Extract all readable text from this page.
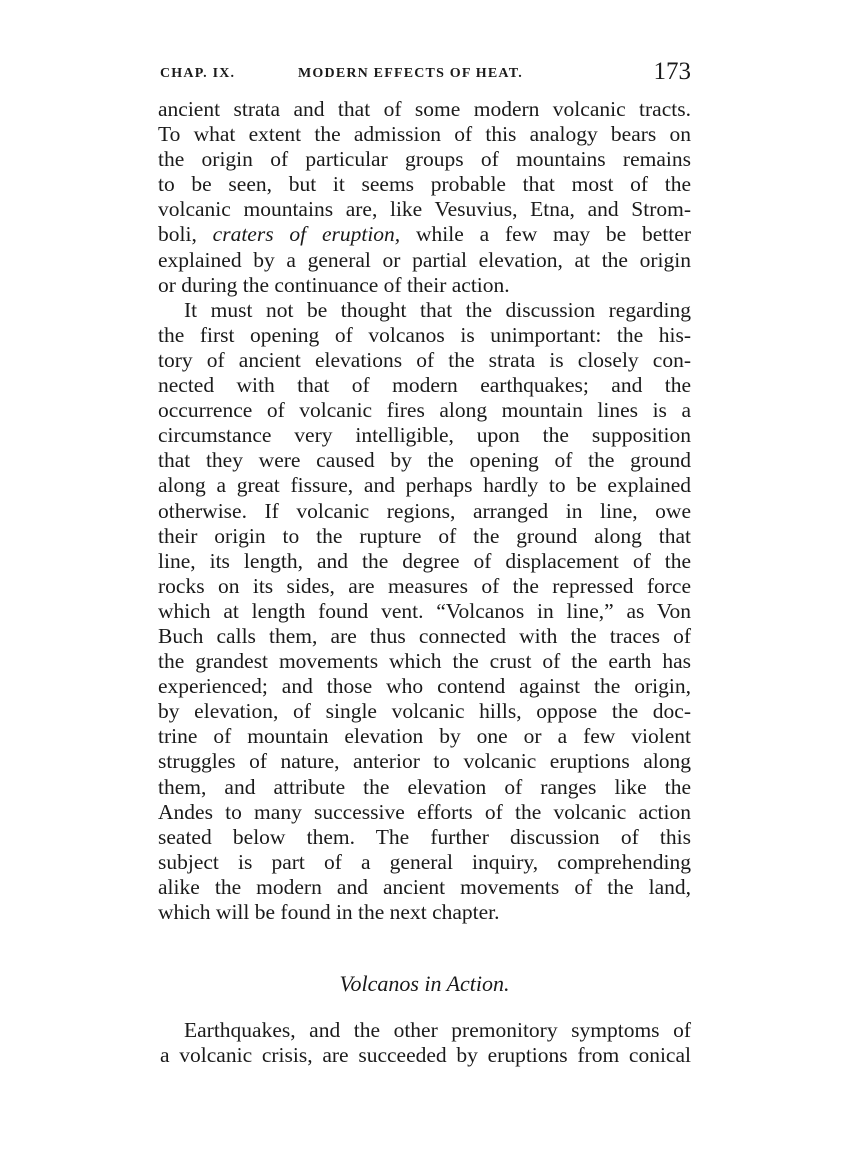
CHAP. IX.	MODERN EFFECTS OF HEAT.	173
ancient strata and that of some modern volcanic tracts.
To what extent the admission of this analogy bears on
the origin of particular groups of mountains remains
to be seen, but it seems probable that most of the
volcanic mountains are, like Vesuvius, Etna, and Strom-
boli, craters of eruption, while a few may be better
explained by a general or partial elevation, at the origin
or during the continuance of their action.
It must not be thought that the discussion regarding
the first opening of volcanos is unimportant: the his-
tory of ancient elevations of the strata is closely con-
nected with that of modern earthquakes; and the
occurrence of volcanic fires along mountain lines is a
circumstance very intelligible, upon the supposition
that they were caused by the opening of the ground
along a great fissure, and perhaps hardly to be explained
otherwise. If volcanic regions, arranged in line, owe
their origin to the rupture of the ground along that
line, its length, and the degree of displacement of the
rocks on its sides, are measures of the repressed force
which at length found vent. “Volcanos in line,” as Von
Buch calls them, are thus connected with the traces of
the grandest movements which the crust of the earth has
experienced; and those who contend against the origin,
by elevation, of single volcanic hills, oppose the doc-
trine of mountain elevation by one or a few violent
struggles of nature, anterior to volcanic eruptions along
them, and attribute the elevation of ranges like the
Andes to many successive efforts of the volcanic action
seated below them. The further discussion of this
subject is part of a general inquiry, comprehending
alike the modern and ancient movements of the land,
which will be found in the next chapter.
Volcanos in Action.
Earthquakes, and the other premonitory symptoms of
a volcanic crisis, are succeeded by eruptions from conical
